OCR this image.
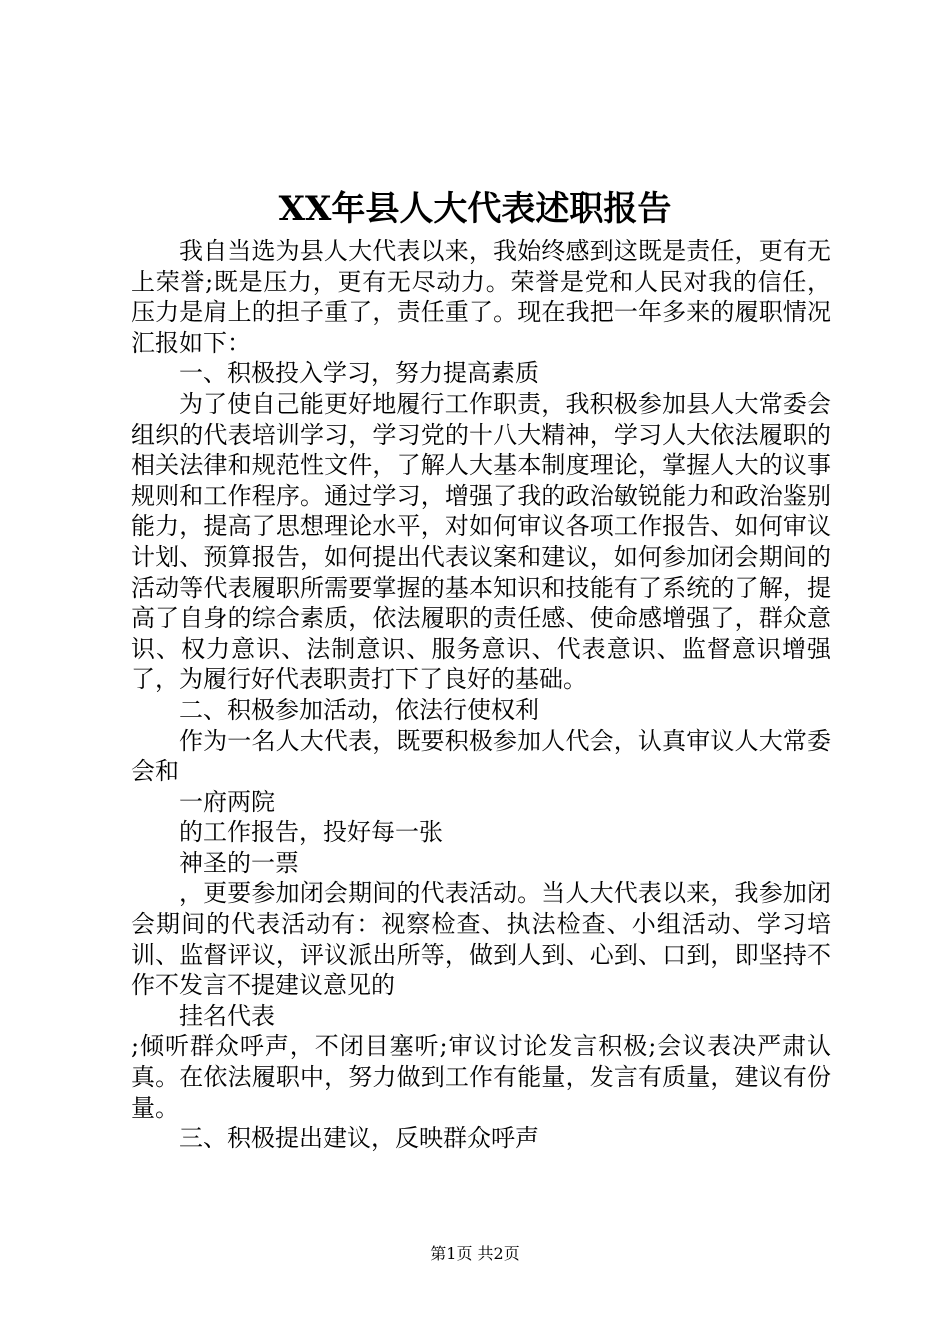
XX年县人大代表述职报告

我自当选为县人大代表以来，我始终感到这既是责任，更有无上荣誉;既是压力，更有无尽动力。荣誉是党和人民对我的信任，压力是肩上的担子重了，责任重了。现在我把一年多来的履职情况汇报如下：

一、积极投入学习，努力提高素质

为了使自己能更好地履行工作职责，我积极参加县人大常委会组织的代表培训学习，学习党的十八大精神，学习人大依法履职的相关法律和规范性文件，了解人大基本制度理论，掌握人大的议事规则和工作程序。通过学习，增强了我的政治敏锐能力和政治鉴别能力，提高了思想理论水平，对如何审议各项工作报告、如何审议计划、预算报告，如何提出代表议案和建议，如何参加闭会期间的活动等代表履职所需要掌握的基本知识和技能有了系统的了解，提高了自身的综合素质，依法履职的责任感、使命感增强了，群众意识、权力意识、法制意识、服务意识、代表意识、监督意识增强了，为履行好代表职责打下了良好的基础。

二、积极参加活动，依法行使权利

作为一名人大代表，既要积极参加人代会，认真审议人大常委会和

一府两院

的工作报告，投好每一张

神圣的一票

，更要参加闭会期间的代表活动。当人大代表以来，我参加闭会期间的代表活动有：视察检查、执法检查、小组活动、学习培训、监督评议，评议派出所等，做到人到、心到、口到，即坚持不作不发言不提建议意见的

挂名代表

;倾听群众呼声，不闭目塞听;审议讨论发言积极;会议表决严肃认真。在依法履职中，努力做到工作有能量，发言有质量，建议有份量。

三、积极提出建议，反映群众呼声

第1页 共2页
